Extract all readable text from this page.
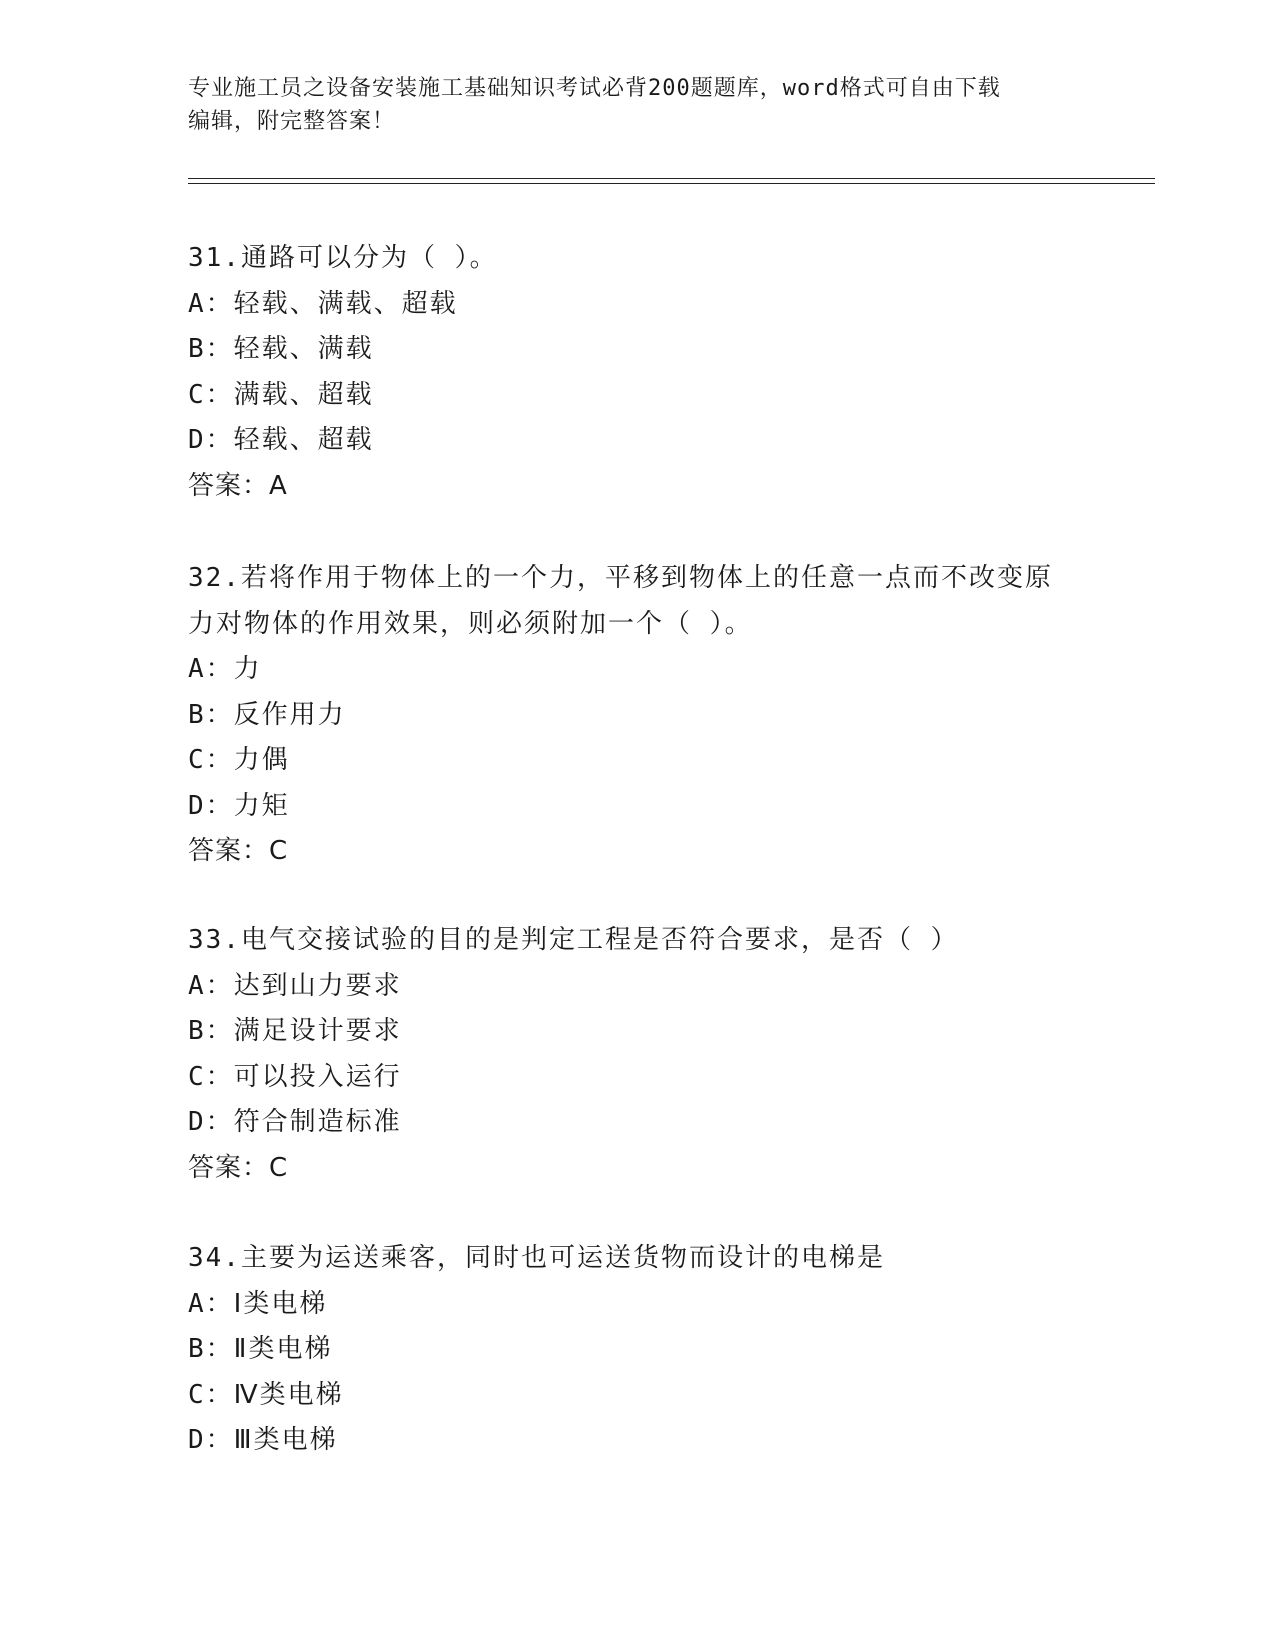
专业施工员之设备安装施工基础知识考试必背200题题库，word格式可自由下载
编辑，附完整答案！
31.通路可以分为（ ）。
A：轻载、满载、超载
B：轻载、满载
C：满载、超载
D：轻载、超载
答案：A
32.若将作用于物体上的一个力，平移到物体上的任意一点而不改变原
力对物体的作用效果，则必须附加一个（ ）。
A：力
B：反作用力
C：力偶
D：力矩
答案：C
33.电气交接试验的目的是判定工程是否符合要求，是否（ ）
A：达到山力要求
B：满足设计要求
C：可以投入运行
D：符合制造标准
答案：C
34.主要为运送乘客，同时也可运送货物而设计的电梯是
A：Ⅰ类电梯
B：Ⅱ类电梯
C：Ⅳ类电梯
D：Ⅲ类电梯
